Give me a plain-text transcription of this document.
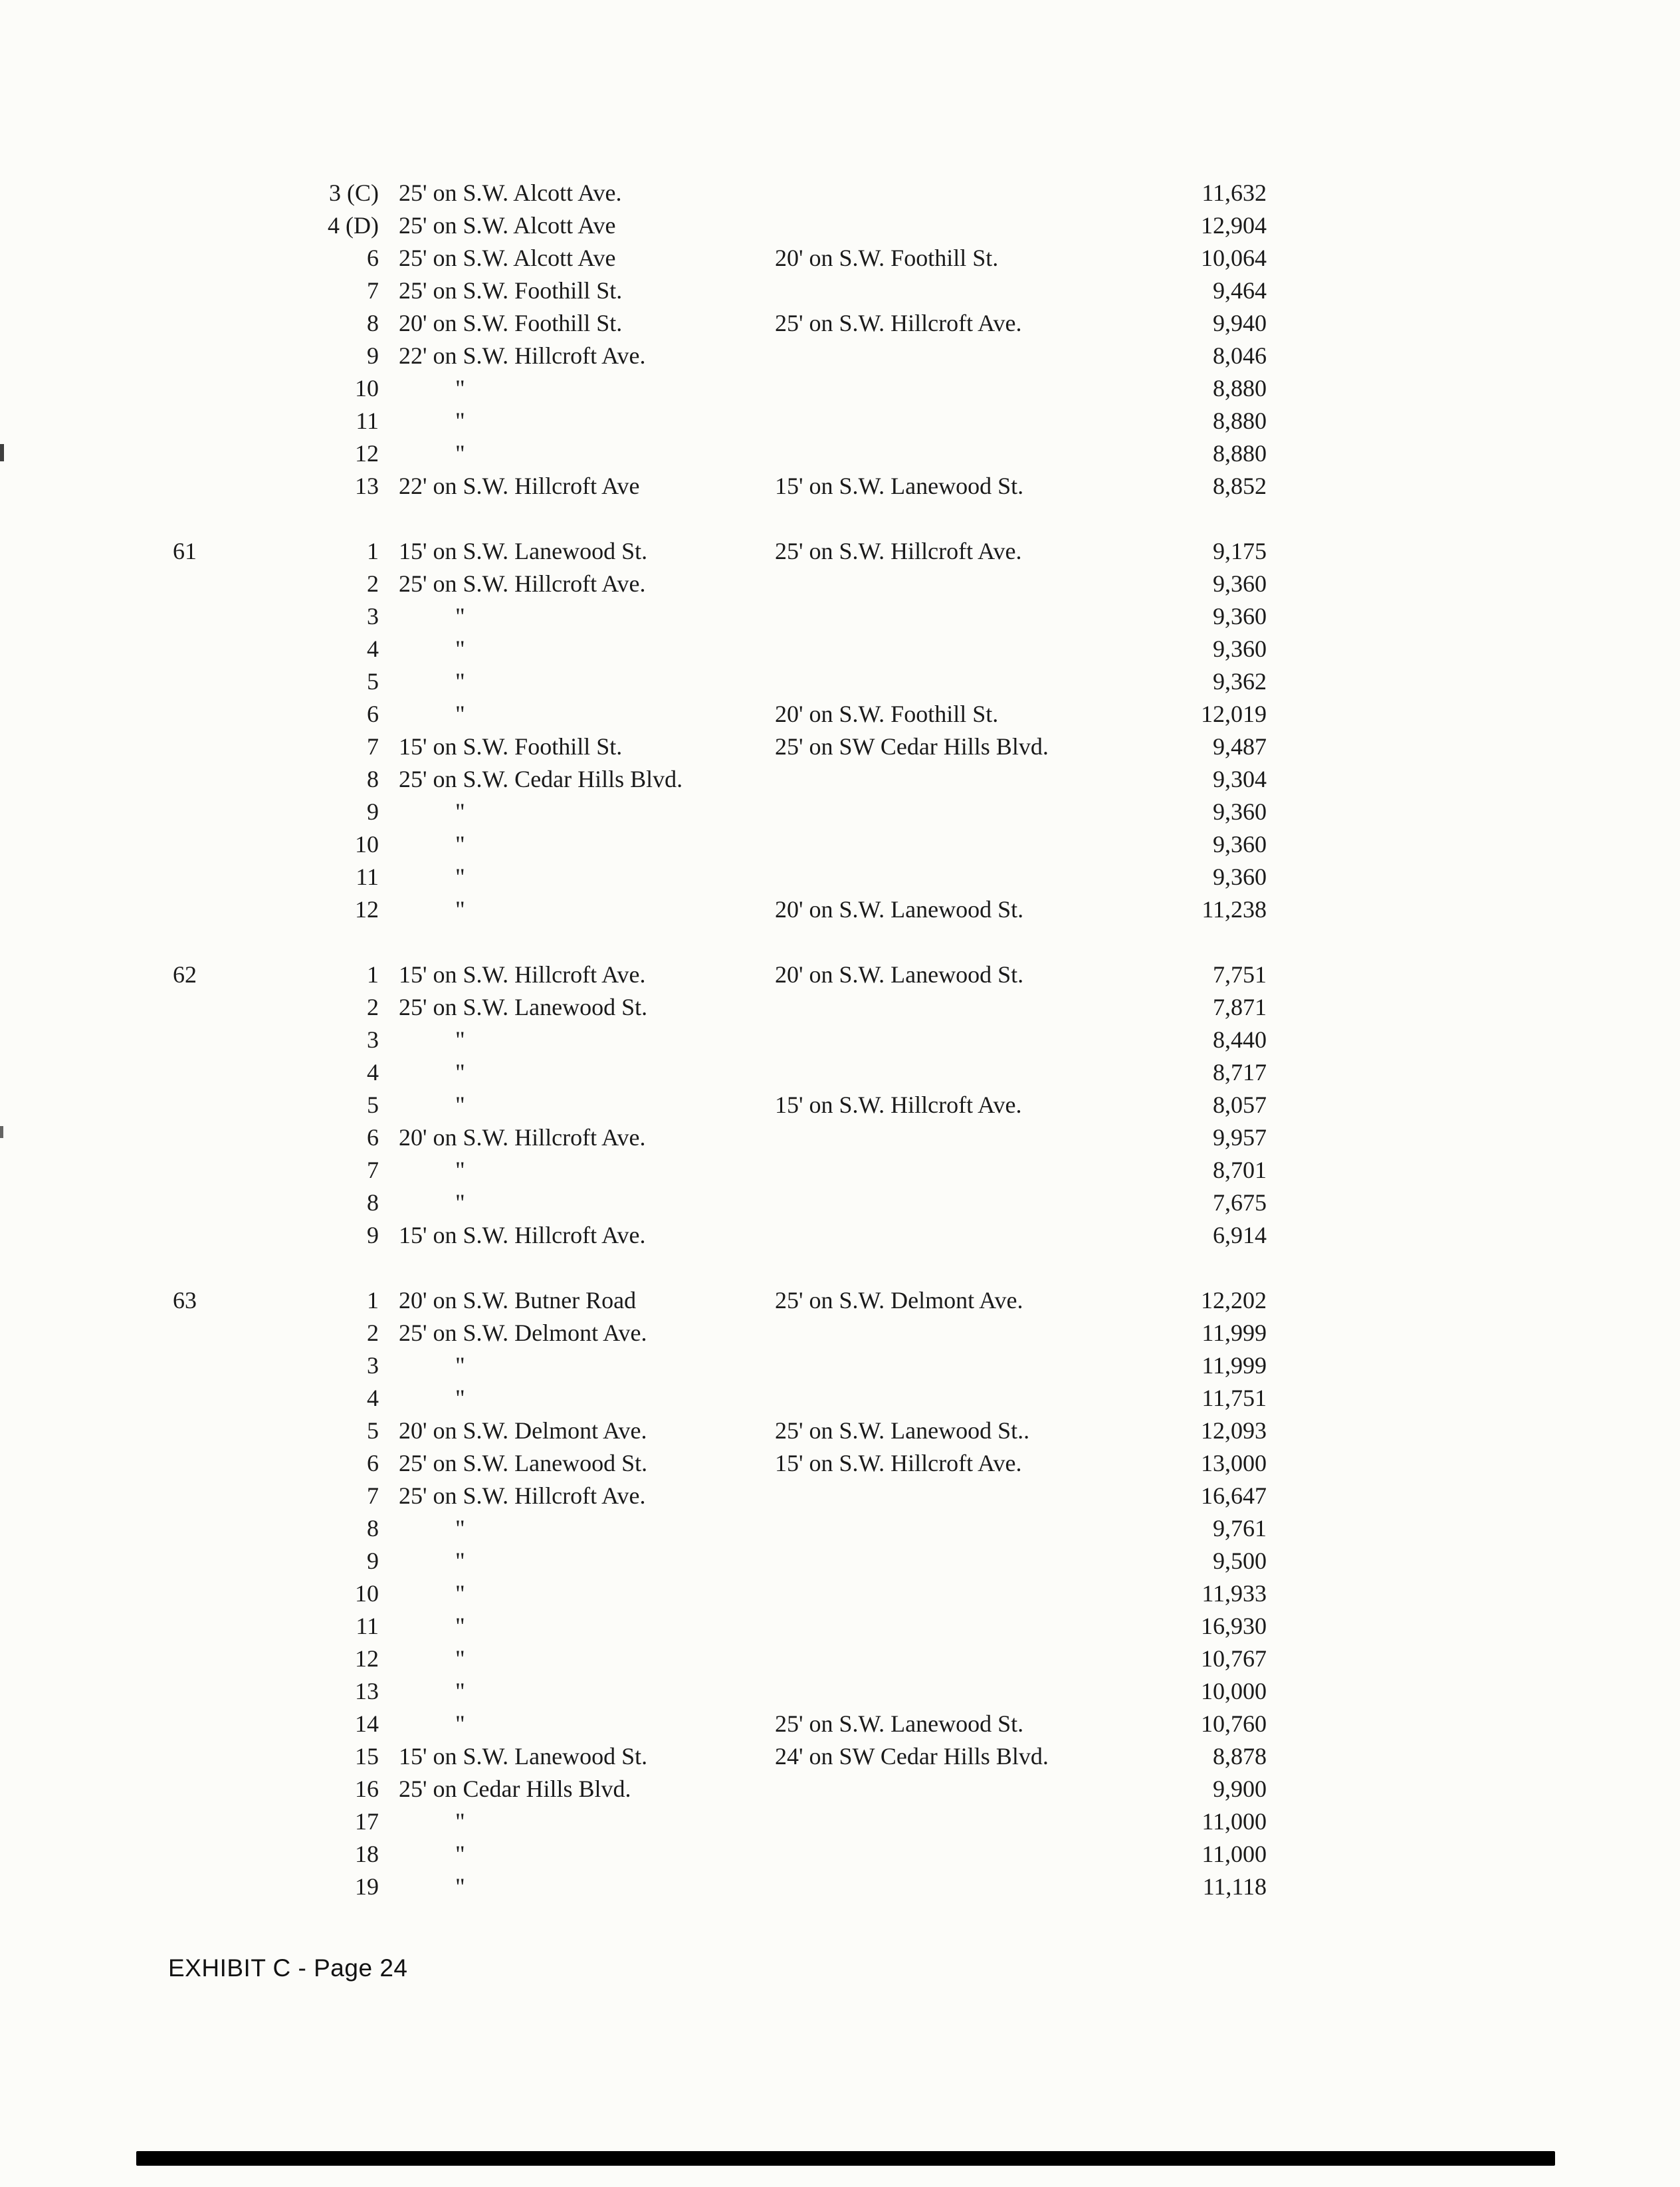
3 (C) 25' on S.W. Alcott Ave.	11,632
4 (D) 25' on S.W. Alcott Ave	12,904
6 25' on S.W. Alcott Ave	20' on S.W. Foothill St.	10,064
7 25' on S.W. Foothill St.	9,464
8 20' on S.W. Foothill St.	25' on S.W. Hillcroft Ave.	9,940
9 22' on S.W. Hillcroft Ave.	8,046
10	"	8,880
11	"	8,880
12	"	8,880
13 22' on S.W. Hillcroft Ave	15' on S.W. Lanewood St.	8,852
61	1 15' on S.W. Lanewood St.	25' on S.W. Hillcroft Ave.	9,175
2 25' on S.W. Hillcroft Ave.	9,360
3	"	9,360
4	"	9,360
5	"	9,362
6	"	20' on S.W. Foothill St.	12,019
7 15' on S.W. Foothill St.	25' on SW Cedar Hills Blvd.	9,487
8 25' on S.W. Cedar Hills Blvd.	9,304
9	"	9,360
10	"	9,360
11	"	9,360
12	"	20' on S.W. Lanewood St.	11,238
62	1 15' on S.W. Hillcroft Ave.	20' on S.W. Lanewood St.	7,751
2 25' on S.W. Lanewood St.	7,871
3	"	8,440
4	"	8,717
5	"	15' on S.W. Hillcroft Ave.	8,057
6 20' on S.W. Hillcroft Ave.	9,957
7	"	8,701
8	"	7,675
9 15' on S.W. Hillcroft Ave.	6,914
63	1 20' on S.W. Butner Road	25' on S.W. Delmont Ave.	12,202
2 25' on S.W. Delmont Ave.	11,999
3	"	11,999
4	"	11,751
5 20' on S.W. Delmont Ave.	25' on S.W. Lanewood St..	12,093
6 25' on S.W. Lanewood St.	15' on S.W. Hillcroft Ave.	13,000
7 25' on S.W. Hillcroft Ave.	16,647
8	"	9,761
9	"	9,500
10	"	11,933
11	"	16,930
12	"	10,767
13	"	10,000
14	"	25' on S.W. Lanewood St.	10,760
15 15' on S.W. Lanewood St.	24' on SW Cedar Hills Blvd.	8,878
16 25' on Cedar Hills Blvd.	9,900
17	"	11,000
18	"	11,000
19	"	11,118
EXHIBIT C - Page 24
